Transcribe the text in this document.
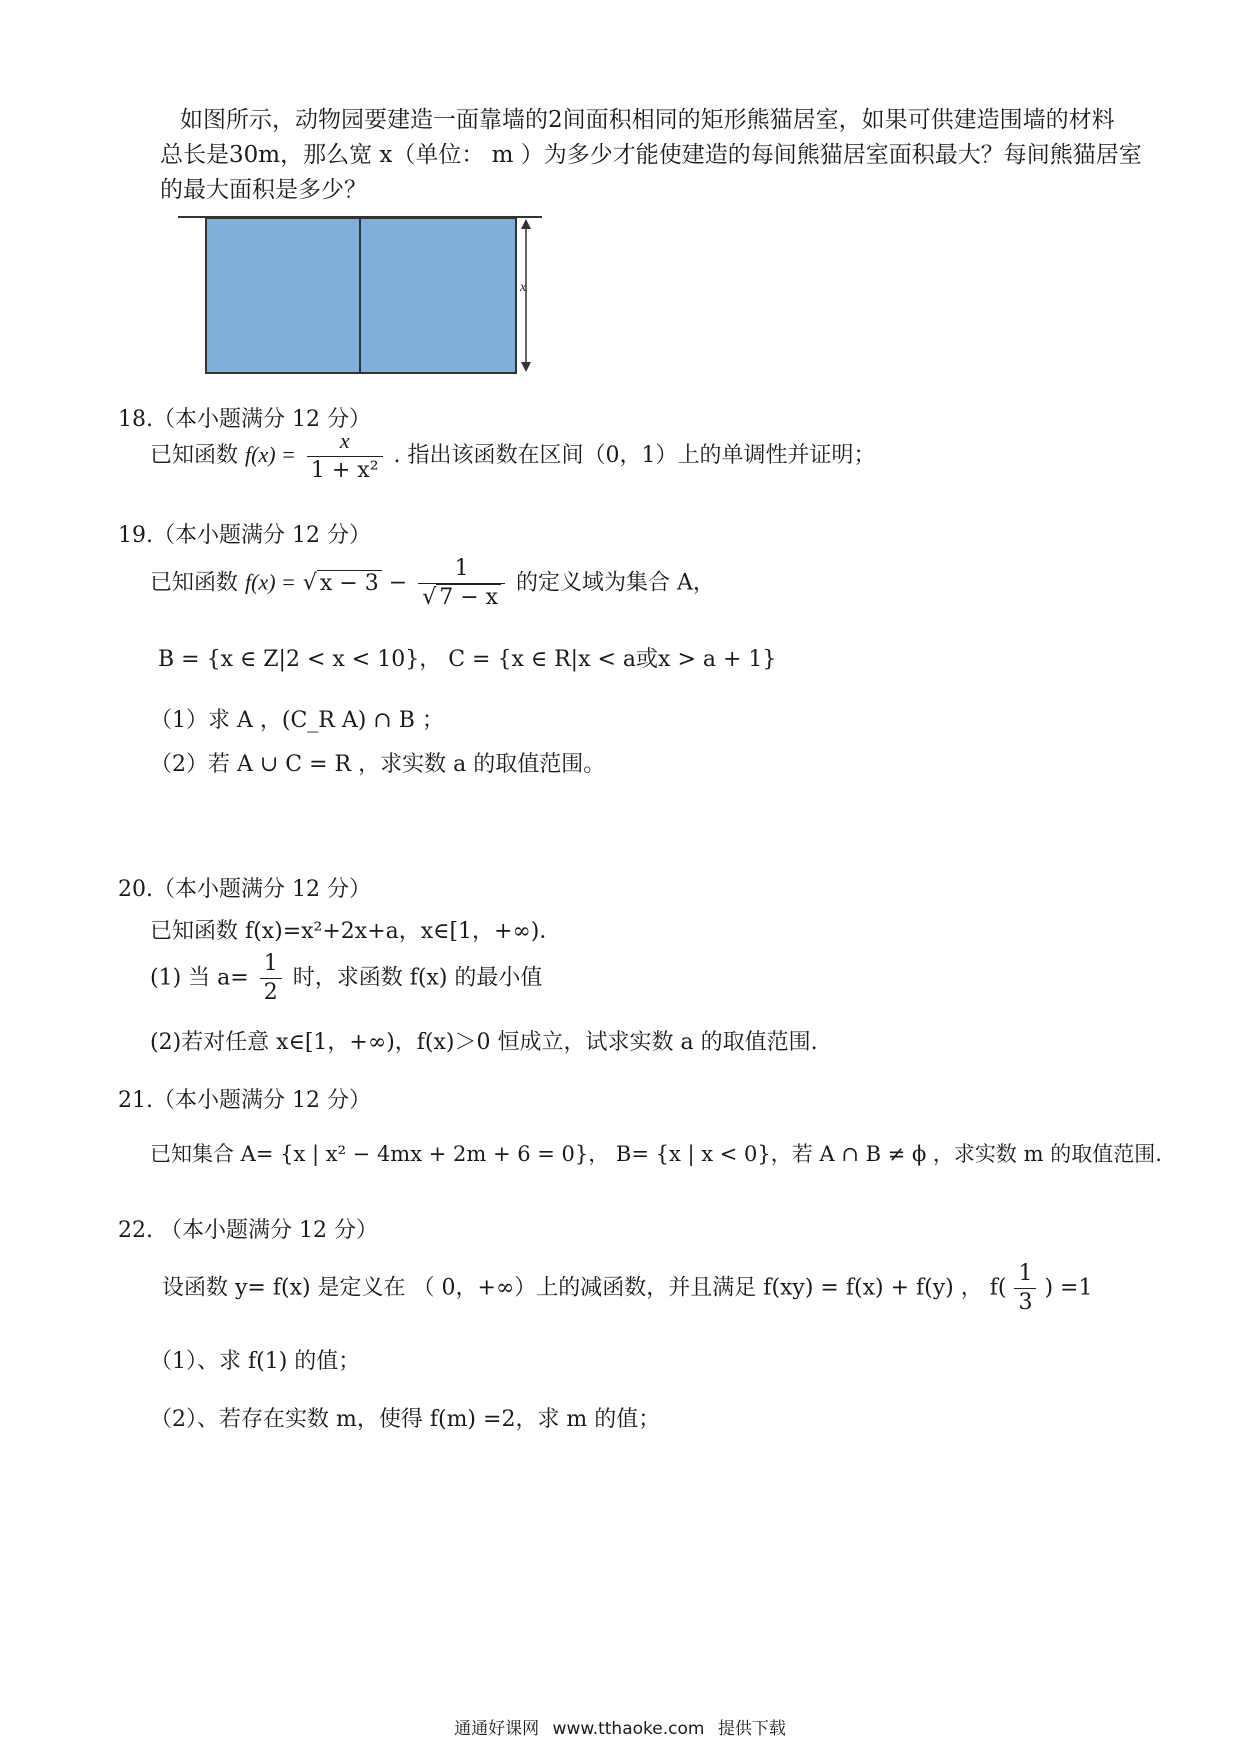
如图所示，动物园要建造一面靠墙的2间面积相同的矩形熊猫居室，如果可供建造围墙的材料

总长是30m，那么宽 x（单位： m ）为多少才能使建造的每间熊猫居室面积最大？每间熊猫居室

的最大面积是多少？

x
18.（本小题满分 12 分）
已知函数 $f(x) = \frac{x}{\text{1 + x²}}$ . 指出该函数在区间（0，1）上的单调性并证明；
19.（本小题满分 12 分）
已知函数 f(x) = √ $x - 3 - \frac{1}{√ 7 - x}$ 的定义域为集合 A，
B = {x ∈ Z|2 < x < 10}， C = {x ∈ R|x < a或x > a + 1}
（1）求 A ，(C_R A) ∩ B ；
（2）若 A ∪ C = R ，求实数 a 的取值范围。
20.（本小题满分 12 分）
已知函数 f(x)=x²+2x+a，x∈[1，+∞)．
(1) 当 $a= \frac{1}{2}$ 时，求函数 f(x) 的最小值
(2)若对任意 x∈[1，+∞)，f(x)＞0 恒成立，试求实数 a 的取值范围.
21.（本小题满分 12 分）
已知集合 A= {x | x² − 4mx + 2m + 6 = 0}， B= {x | x < 0}，若 A ∩ B ≠ ϕ ，求实数 m 的取值范围.
22. （本小题满分 12 分）
设函数 y= f(x) 是定义在 （ 0，+∞）上的减函数，并且满足 f(xy) = f(x) + f(y) ， $f( \frac{1}{3}$ ) =1
（1）、求 f(1) 的值；
（2）、若存在实数 m，使得 f(m) =2，求 m 的值；
通通好课网 www.tthaoke.com 提供下载
